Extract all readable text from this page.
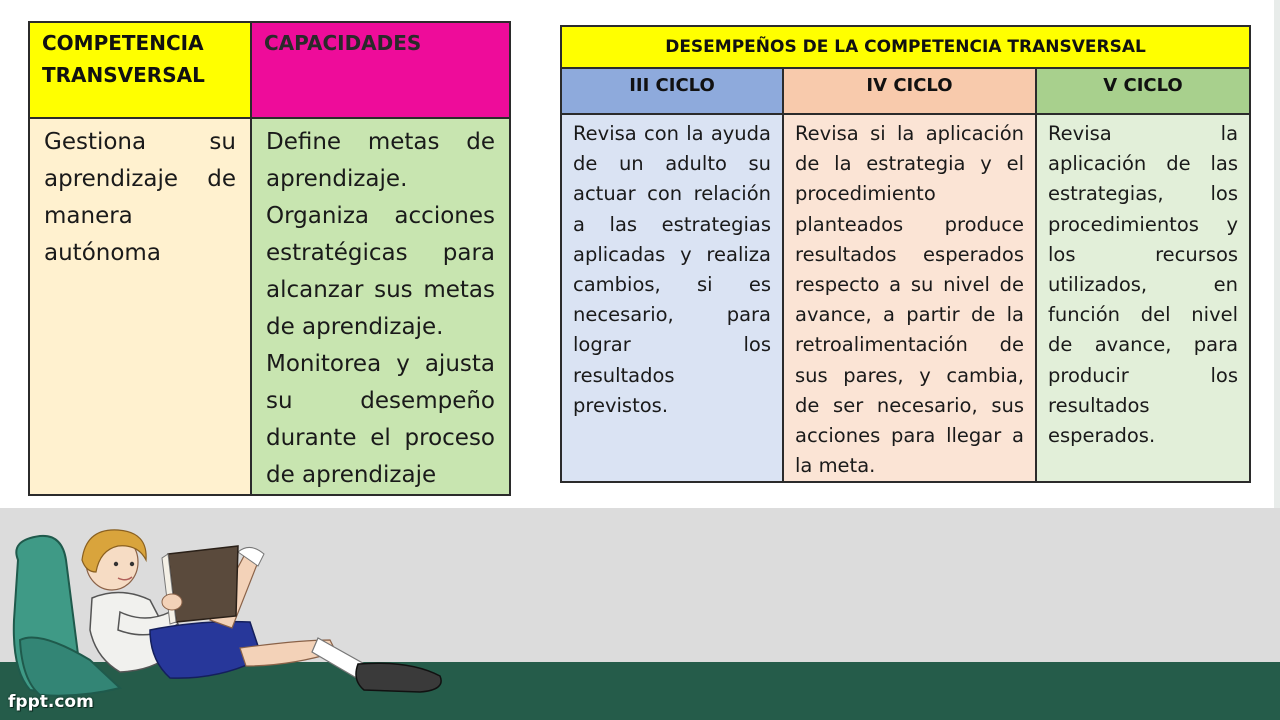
COMPETENCIA TRANSVERSAL	CAPACIDADES

Gestiona su aprendizaje de manera autónoma	Define metas de aprendizaje.
Organiza acciones estratégicas para alcanzar sus metas de aprendizaje.
Monitorea y ajusta su desempeño durante el proceso de aprendizaje
DESEMPEÑOS DE LA COMPETENCIA TRANSVERSAL		
III CICLO	IV CICLO	V CICLO
Revisa con la ayuda de un adulto su actuar con relación a las estrategias aplicadas y realiza cambios, si es necesario, para lograr los resultados previstos.	Revisa si la aplicación de la estrategia y el procedimiento planteados produce resultados esperados respecto a su nivel de avance, a partir de la retroalimentación de sus pares, y cambia, de ser necesario, sus acciones para llegar a la meta.	Revisa la aplicación de las estrategias, los procedimientos y los recursos utilizados, en función del nivel de avance, para producir los resultados esperados.
fppt.com
